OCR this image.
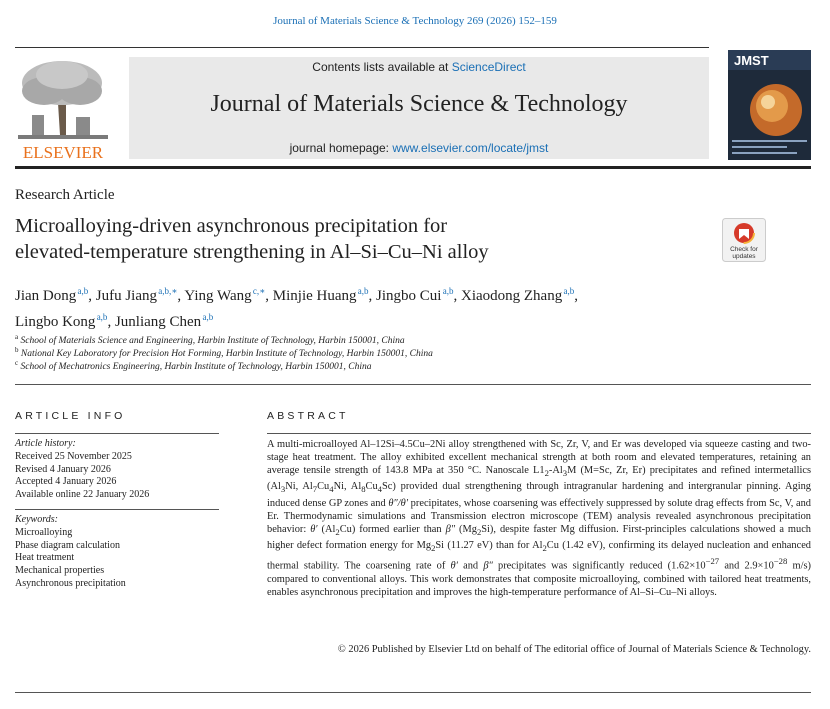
Journal of Materials Science & Technology 269 (2026) 152–159
ELSEVIER
Contents lists available at ScienceDirect
Journal of Materials Science & Technology
journal homepage: www.elsevier.com/locate/jmst
JMST
Research Article
Microalloying-driven asynchronous precipitation for
elevated-temperature strengthening in Al–Si–Cu–Ni alloy	Check for
updates
Jian Dong $^{a,b}$, Jufu Jiang $^{a,b,∗}$, Ying Wang $^{c,∗}$, Minjie Huang $^{a,b}$, Jingbo Cui $^{a,b}$, Xiaodong Zhang $^{a,b}$,
Lingbo Kong $^{a,b}$, Junliang Chen $^{a,b}$
$^a$ School of Materials Science and Engineering, Harbin Institute of Technology, Harbin 150001, China
$^b$ National Key Laboratory for Precision Hot Forming, Harbin Institute of Technology, Harbin 150001, China
$^c$ School of Mechatronics Engineering, Harbin Institute of Technology, Harbin 150001, China
ARTICLE INFO
Article history:
Received 25 November 2025
Revised 4 January 2026
Accepted 4 January 2026
Available online 22 January 2026
Keywords:
Microalloying
Phase diagram calculation
Heat treatment
Mechanical properties
Asynchronous precipitation
ABSTRACT
A multi-microalloyed Al–12Si–4.5Cu–2Ni alloy strengthened with Sc, Zr, V, and Er was developed via squeeze casting and two-stage heat treatment. The alloy exhibited excellent mechanical strength at both room and elevated temperatures, retaining an average tensile strength of 143.8 MPa at 350 °C. Nanoscale $L1_2-Al_3M$ (M=Sc, Zr, Er) precipitates and refined intermetallics ($Al_3Ni$, $Al_7Cu_4Ni$, $Al_8Cu_4Sc$) provided dual strengthening through intragranular hardening and intergranular pinning. Aging induced dense GP zones and θ″/θ′ precipitates, whose coarsening was effectively suppressed by solute drag effects from Sc, V, and Er. Thermodynamic simulations and Transmission electron microscope (TEM) analysis revealed asynchronous precipitation behavior: θ′ $(Al_2Cu)$ formed earlier than β″ $(Mg_2Si)$, despite faster Mg diffusion. First-principles calculations showed a much higher defect formation energy for $Mg_2Si$ (11.27 eV) than for $Al_2Cu$ (1.42 eV), confirming its delayed nucleation and enhanced thermal stability. The coarsening rate of θ′ and β″ precipitates was significantly reduced ($1.62\times 10^{-27}$ and $2.9\times 10^{-28}$ m/s) compared to conventional alloys. This work demonstrates that composite microalloying, combined with tailored heat treatments, enables asynchronous precipitation and improves the high-temperature performance of Al–Si–Cu–Ni alloys.
© 2026 Published by Elsevier Ltd on behalf of The editorial office of Journal of Materials Science & Technology.
